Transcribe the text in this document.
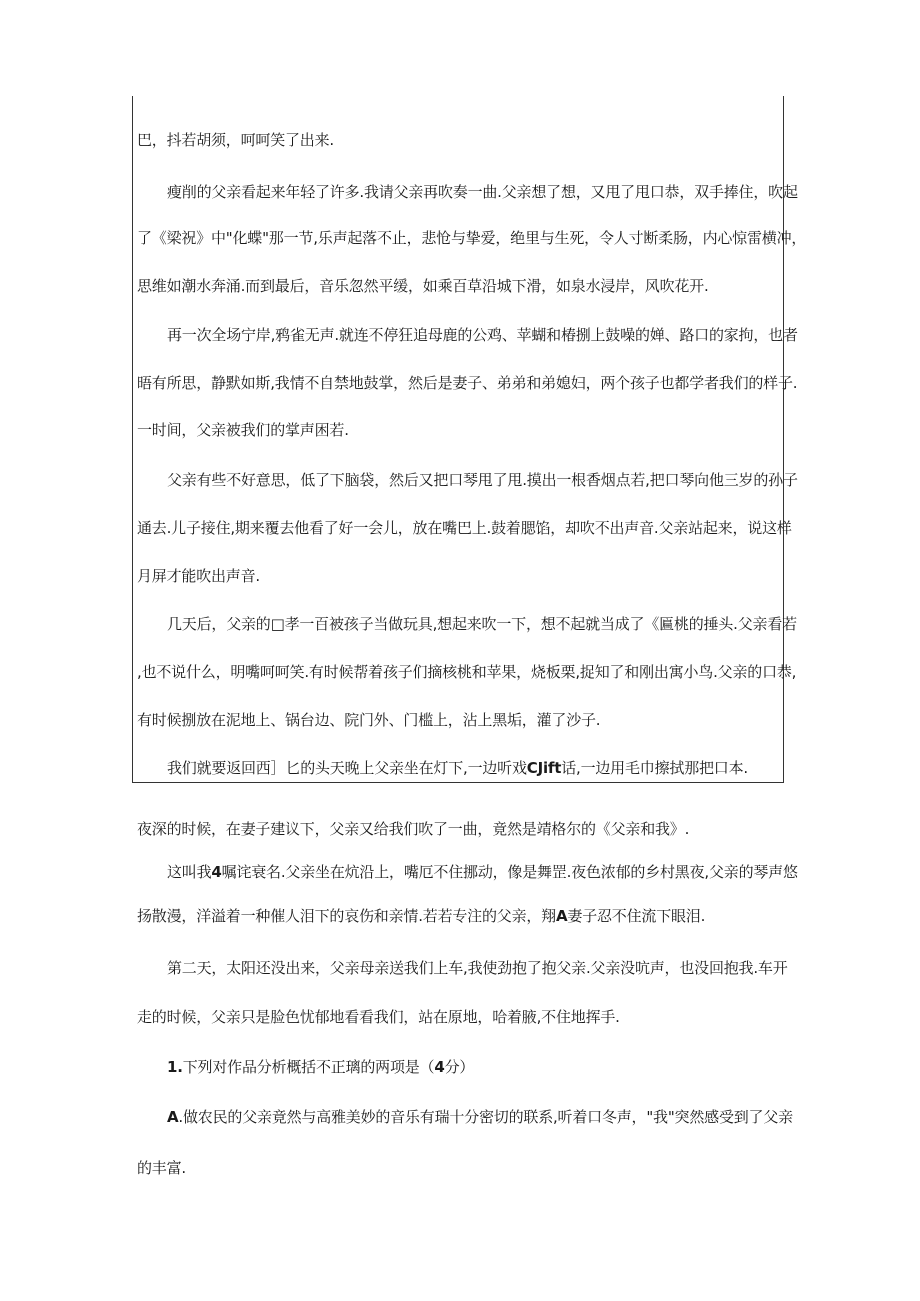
巴，抖若胡须，呵呵笑了出来.
瘦削的父亲看起来年轻了许多.我请父亲再吹奏一曲.父亲想了想，又甩了甩口恭，双手捧住，吹起
了《梁祝》中"化蝶"那一节,乐声起落不止，悲怆与挚爱，绝里与生死，令人寸断柔肠，内心惊雷横冲，
思维如潮水奔涌.而到最后，音乐忽然平缓，如乘百草沿城下滑，如泉水浸岸，风吹花开.
再一次全场宁岸,鸦雀无声.就连不停狂追母鹿的公鸡、苹蝴和椿捌上鼓噪的婵、路口的家拘，也者
晤有所思，静默如斯,我情不自禁地鼓掌，然后是妻子、弟弟和弟媳妇，两个孩子也都学者我们的样子.
一时间，父亲被我们的掌声困若.
父亲有些不好意思，低了下脑袋，然后又把口琴甩了甩.摸出一根香烟点若,把口琴向他三岁的孙子
通去.儿子接住,期来覆去他看了好一会儿，放在嘴巴上.鼓着腮馅，却吹不出声音.父亲站起来，说这样
月屏才能吹出声音.
几天后，父亲的□孝一百被孩子当做玩具,想起来吹一下，想不起就当成了《匾桃的捶头.父亲看若
,也不说什么，明嘴呵呵笑.有时候帮着孩子们摘核桃和苹果，烧板栗,捉知了和刚出寓小鸟.父亲的口恭,
有时候捌放在泥地上、锅台边、院门外、门槛上，沾上黑垢，灌了沙子.
我们就要返回西］匕的头天晚上父亲坐在灯下,一边听戏CJift话,一边用毛巾擦拭那把口本.
夜深的时候，在妻子建议下，父亲又给我们吹了一曲，竟然是靖格尔的《父亲和我》.
这叫我4嘱诧衰名.父亲坐在炕沿上，嘴厄不住挪动，像是舞罡.夜色浓郁的乡村黑夜,父亲的琴声悠
扬散漫，洋溢着一种催人泪下的哀伤和亲情.若若专注的父亲，翔A妻子忍不住流下眼泪.
第二天，太阳还没出来，父亲母亲送我们上车,我使劲抱了抱父亲.父亲没吭声，也没回抱我.车开
走的时候，父亲只是脸色忧郁地看看我们，站在原地，哈着腋,不住地挥手.
1.下列对作品分析概括不正璃的两项是（4分）
A.做农民的父亲竟然与高雅美妙的音乐有瑞十分密切的联系,听着口冬声，"我"突然感受到了父亲
的丰富.
